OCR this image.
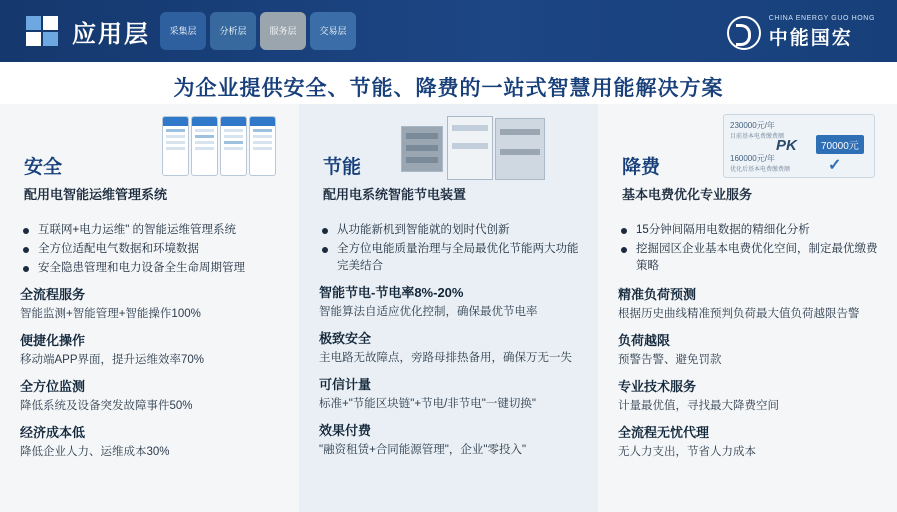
应用层	采集层	分析层	服务层	交易层
CHINA ENERGY GUO HONG
中能国宏
为企业提供安全、节能、降费的一站式智慧用能解决方案
安全
配用电智能运维管理系统
互联网+电力运维" 的智能运维管理系统
全方位适配电气数据和环境数据
安全隐患管理和电力设备全生命周期管理
全流程服务
智能监测+智能管理+智能操作100%
便捷化操作
移动端APP界面，提升运维效率70%
全方位监测
降低系统及设备突发故障事件50%
经济成本低
降低企业人力、运维成本30%
节能
配用电系统智能节电装置
从功能新机到智能就的划时代创新
全方位电能质量治理与全局最优化节能两大功能完美结合
智能节电-节电率8%-20%
智能算法自适应优化控制，确保最优节电率
极致安全
主电路无故障点，旁路母排热备用，确保万无一失
可信计量
标准+"节能区块链"+节电/非节电"一键切换"
效果付费
"融资租赁+合同能源管理"，企业"零投入"
230000元/年
目前基本电费缴费额
160000元/年
优化后基本电费缴费额
PK	70000元
✓
降费
基本电费优化专业服务
15分钟间隔用电数据的精细化分析
挖掘园区企业基本电费优化空间，制定最优缴费策略
精准负荷预测
根据历史曲线精准预判负荷最大值负荷越限告警
负荷越限
预警告警、避免罚款
专业技术服务
计量最优值，寻找最大降费空间
全流程无忧代理
无人力支出，节省人力成本
